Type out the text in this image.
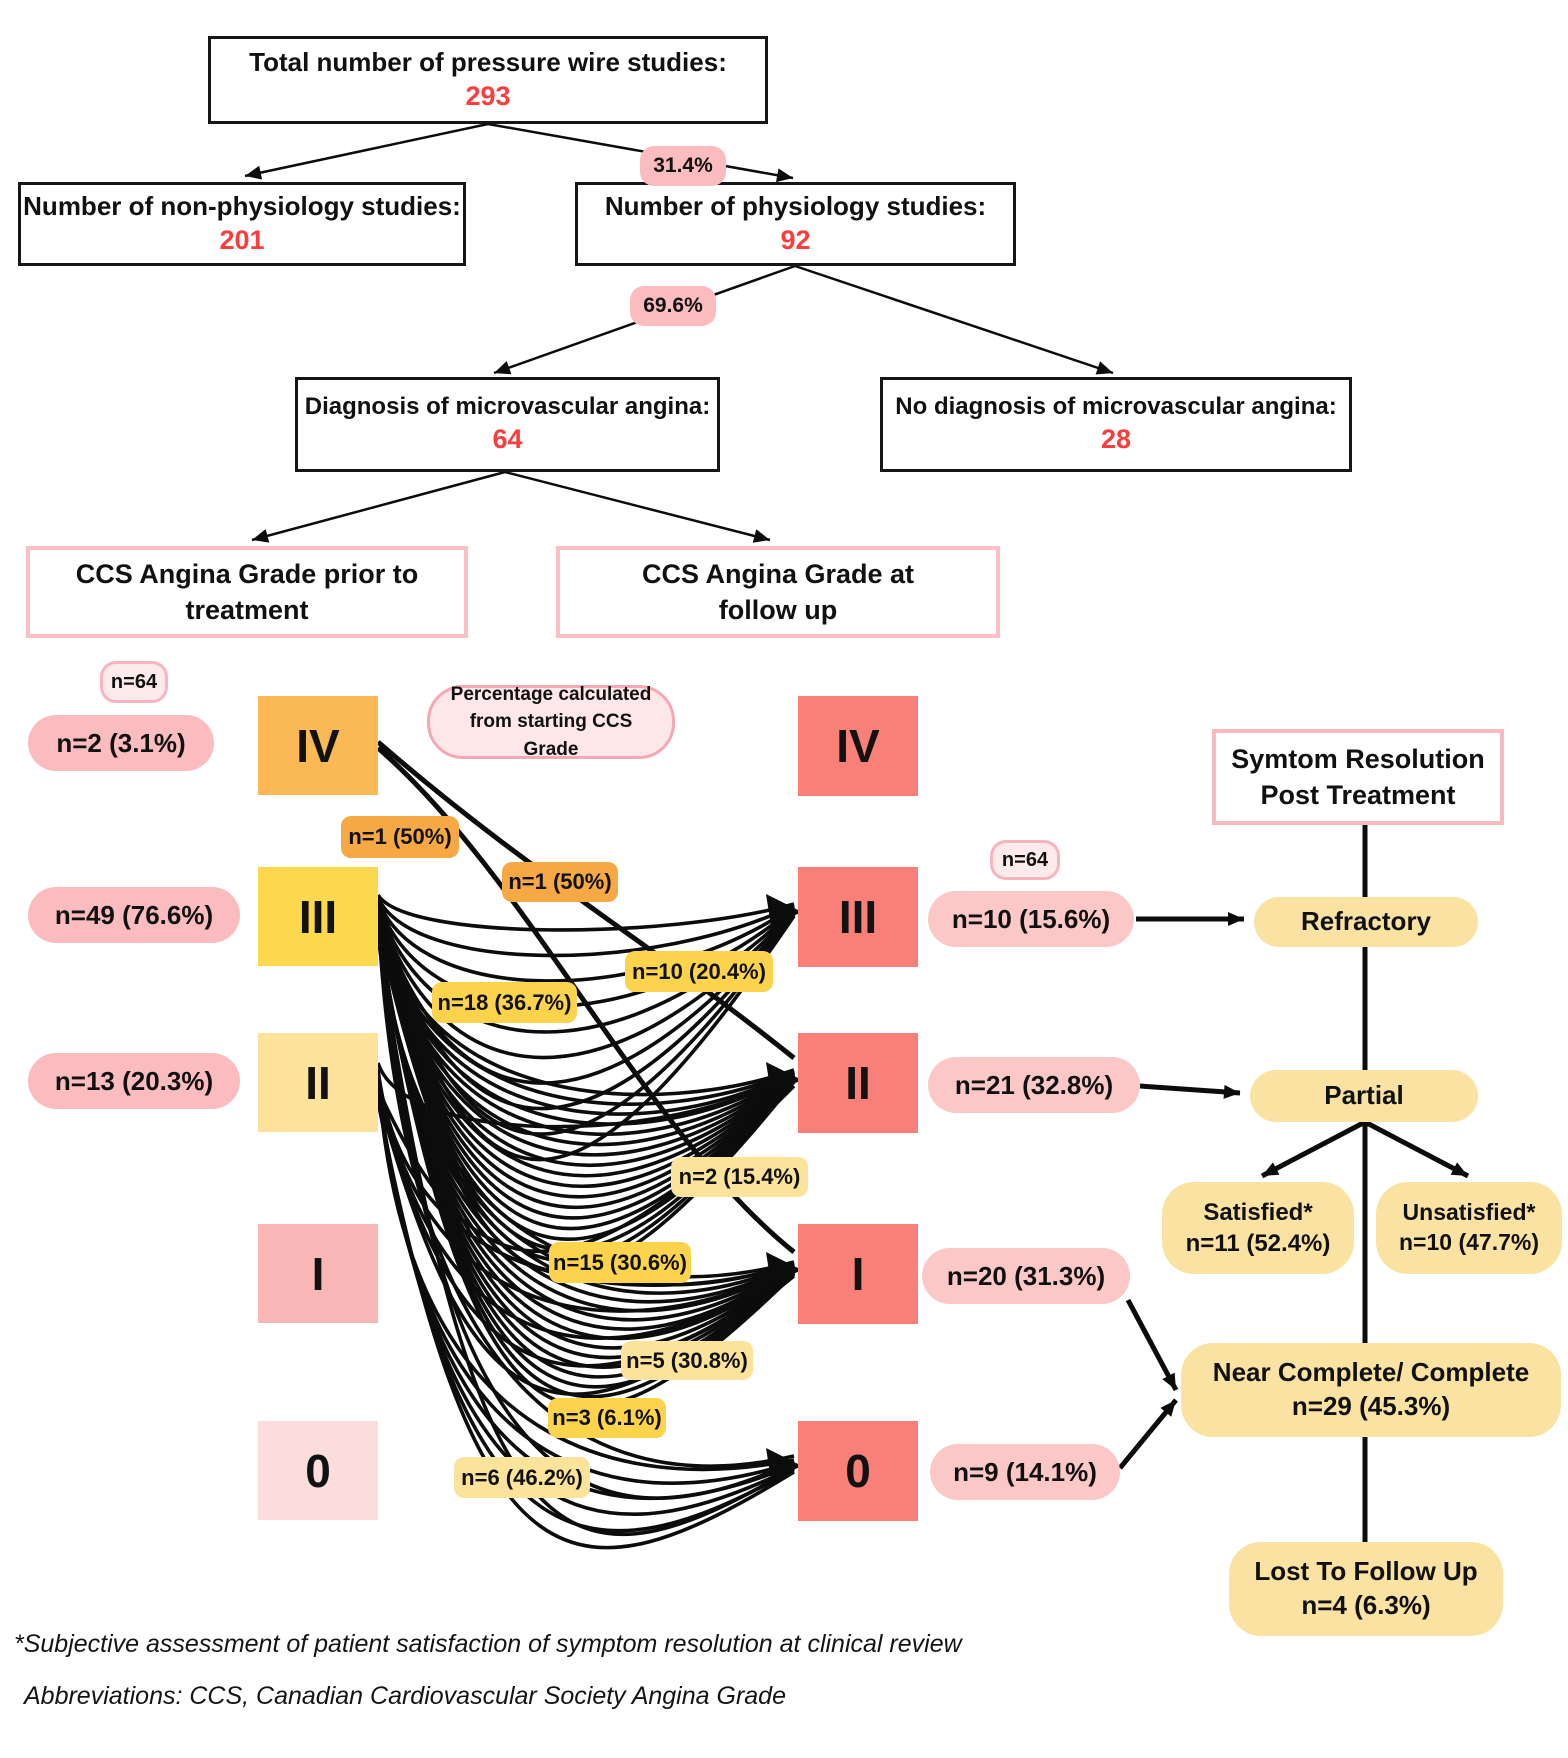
Total number of pressure wire studies:
293
31.4%
Number of non-physiology studies:
201
Number of physiology studies:
92
69.6%
Diagnosis of microvascular angina:
64
No diagnosis of microvascular angina:
28
CCS Angina Grade prior to treatment
CCS Angina Grade at follow up
n=64
n=64
Percentage calculated from starting CCS Grade
IV
n=2 (3.1%)
III
n=49 (76.6%)
II
n=13 (20.3%)
I
0
IV
III	n=10 (15.6%)
II	n=21 (32.8%)
I	n=20 (31.3%)
0	n=9 (14.1%)
n=1 (50%)
n=1 (50%)
n=10 (20.4%)
n=18 (36.7%)
n=15 (30.6%)
n=3 (6.1%)
n=2 (15.4%)
n=5 (30.8%)
n=6 (46.2%)
Symtom Resolution Post Treatment
Refractory
Partial
Satisfied*
n=11 (52.4%)
Unsatisfied*
n=10 (47.7%)
Near Complete/ Complete
n=29 (45.3%)
Lost To Follow Up
n=4 (6.3%)
*Subjective assessment of patient satisfaction of symptom resolution at clinical review
Abbreviations: CCS, Canadian Cardiovascular Society Angina Grade
